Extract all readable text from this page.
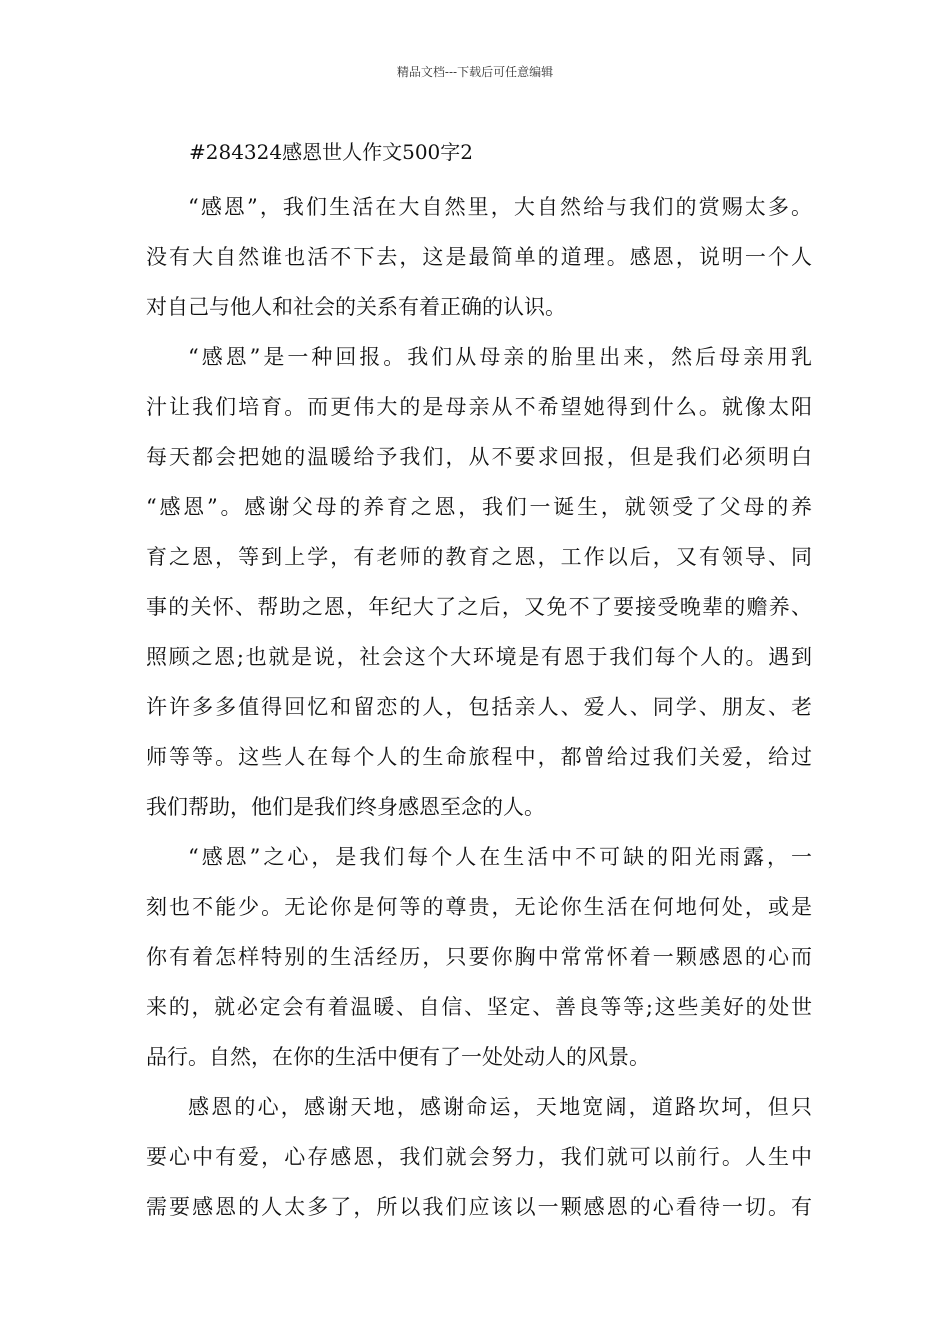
精品文档---下载后可任意编辑
#284324感恩世人作文500字2
“感恩”，我们生活在大自然里，大自然给与我们的赏赐太多。
没有大自然谁也活不下去，这是最简单的道理。感恩，说明一个人
对自己与他人和社会的关系有着正确的认识。
“感恩”是一种回报。我们从母亲的胎里出来，然后母亲用乳
汁让我们培育。而更伟大的是母亲从不希望她得到什么。就像太阳
每天都会把她的温暖给予我们，从不要求回报，但是我们必须明白
“感恩”。感谢父母的养育之恩，我们一诞生，就领受了父母的养
育之恩，等到上学，有老师的教育之恩，工作以后，又有领导、同
事的关怀、帮助之恩，年纪大了之后，又免不了要接受晚辈的赡养、
照顾之恩;也就是说，社会这个大环境是有恩于我们每个人的。遇到
许许多多值得回忆和留恋的人，包括亲人、爱人、同学、朋友、老
师等等。这些人在每个人的生命旅程中，都曾给过我们关爱，给过
我们帮助，他们是我们终身感恩至念的人。
“感恩”之心，是我们每个人在生活中不可缺的阳光雨露，一
刻也不能少。无论你是何等的尊贵，无论你生活在何地何处，或是
你有着怎样特别的生活经历，只要你胸中常常怀着一颗感恩的心而
来的，就必定会有着温暖、自信、坚定、善良等等;这些美好的处世
品行。自然，在你的生活中便有了一处处动人的风景。
感恩的心，感谢天地，感谢命运，天地宽阔，道路坎坷，但只
要心中有爱，心存感恩，我们就会努力，我们就可以前行。人生中
需要感恩的人太多了，所以我们应该以一颗感恩的心看待一切。有
